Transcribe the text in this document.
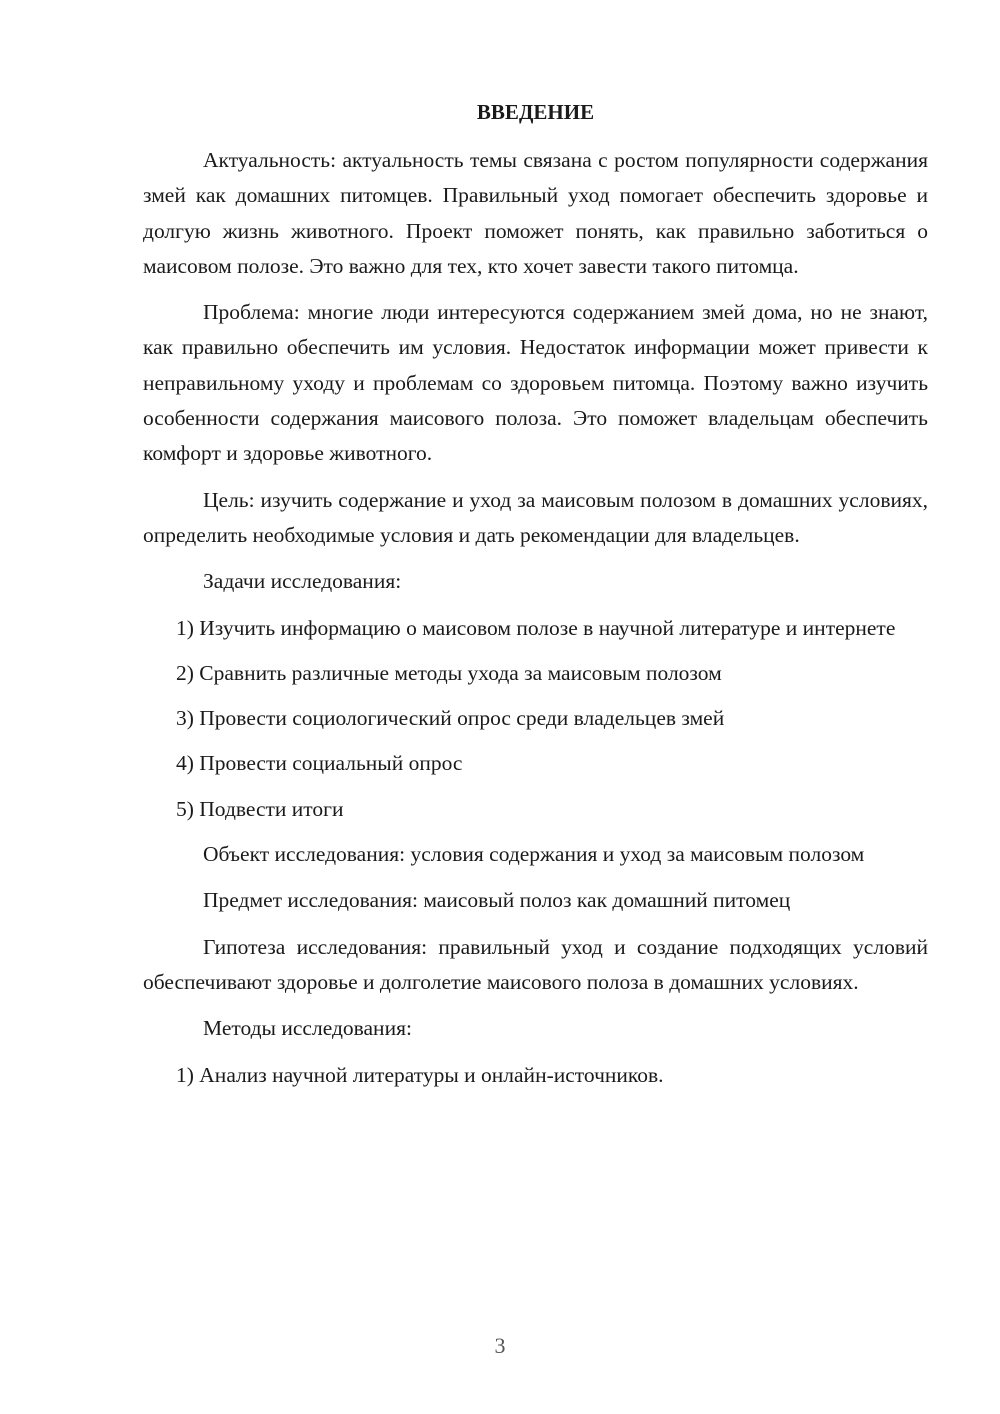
ВВЕДЕНИЕ

Актуальность: актуальность темы связана с ростом популярности содержания змей как домашних питомцев. Правильный уход помогает обеспечить здоровье и долгую жизнь животного. Проект поможет понять, как правильно заботиться о маисовом полозе. Это важно для тех, кто хочет завести такого питомца.

Проблема: многие люди интересуются содержанием змей дома, но не знают, как правильно обеспечить им условия. Недостаток информации может привести к неправильному уходу и проблемам со здоровьем питомца. Поэтому важно изучить особенности содержания маисового полоза. Это поможет владельцам обеспечить комфорт и здоровье животного.

Цель: изучить содержание и уход за маисовым полозом в домашних условиях, определить необходимые условия и дать рекомендации для владельцев.

Задачи исследования:

1) Изучить информацию о маисовом полозе в научной литературе и интернете

2) Сравнить различные методы ухода за маисовым полозом

3) Провести социологический опрос среди владельцев змей

4) Провести социальный опрос

5) Подвести итоги

Объект исследования: условия содержания и уход за маисовым полозом

Предмет исследования: маисовый полоз как домашний питомец

Гипотеза исследования: правильный уход и создание подходящих условий обеспечивают здоровье и долголетие маисового полоза в домашних условиях.

Методы исследования:

1) Анализ научной литературы и онлайн-источников.

3
